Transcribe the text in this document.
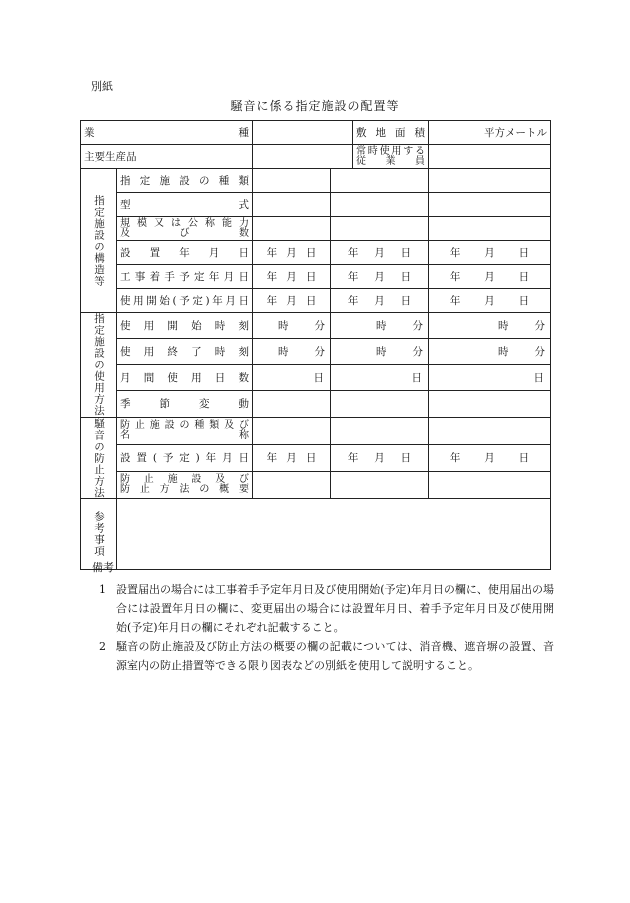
別紙
騒音に係る指定施設の配置等
業　　種				敷地面積	平方メートル
主要生産品				常時使用する
従　業　員	

指定施設の構造等	指定施設の種類				
	型　　　式				

	規模又は公称能力
及　び　数				

	設置年月日	年 月 日	年 月 日		年 月 日

	工事着手予定年月日	年 月 日	年 月 日		年 月 日

	使用開始(予定)年月日	年 月 日	年 月 日		年 月 日

指定施設の使用方法	使用開始時刻	時 分	時 分		時 分

	使用終了時刻	時 分	時 分		時 分

	月間使用日数	日	日		日
	季　節　変　動				

騒音の防止方法	防止施設の種類及び
名　　　　　称				

	設置(予定)年月日	年 月 日	年 月 日		年 月 日

	防止施設及び
防止方法の概要				

参考事項					

備考
1 設置届出の場合には工事着手予定年月日及び使用開始(予定)年月日の欄に、使用届出の場合には設置年月日の欄に、変更届出の場合には設置年月日、着手予定年月日及び使用開始(予定)年月日の欄にそれぞれ記載すること。
2 騒音の防止施設及び防止方法の概要の欄の記載については、消音機、遮音塀の設置、音源室内の防止措置等できる限り図表などの別紙を使用して説明すること。
